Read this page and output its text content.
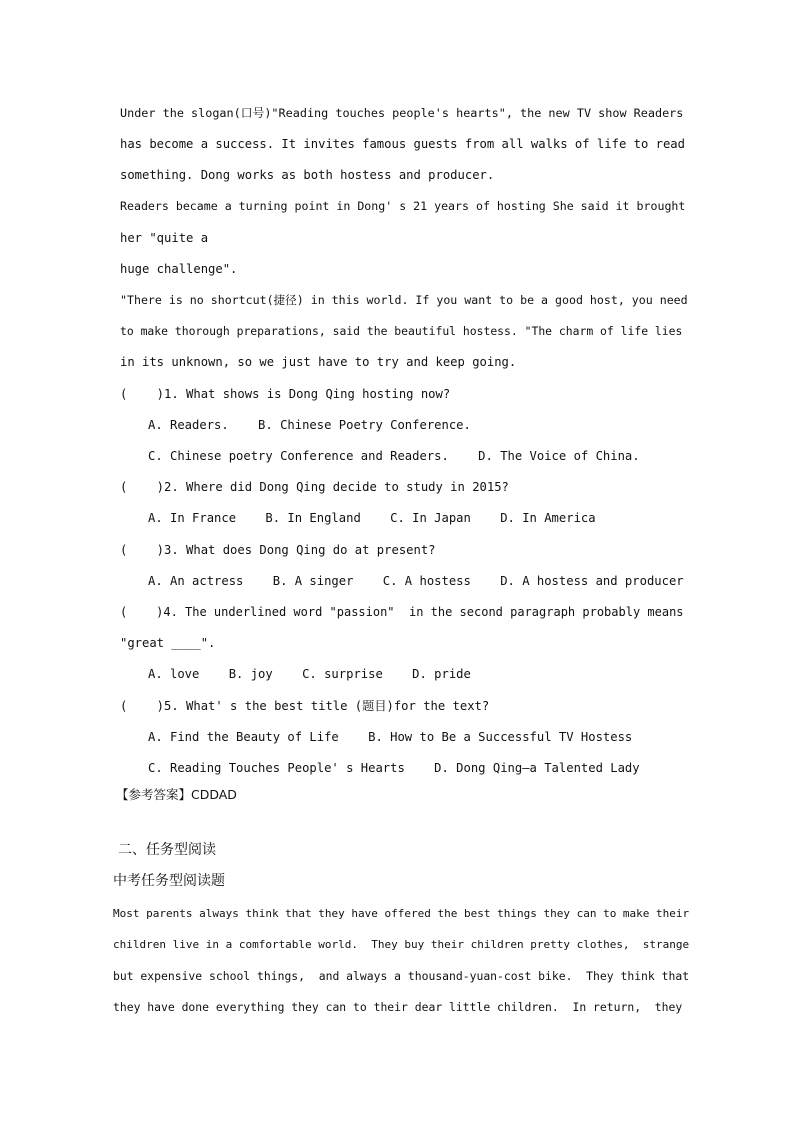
Under the slogan(口号)"Reading touches people's hearts", the new TV show Readers
has become a success. It invites famous guests from all walks of life to read
something. Dong works as both hostess and producer.
Readers became a turning point in Dong' s 21 years of hosting She said it brought
her "quite a
huge challenge".
"There is no shortcut(捷径) in this world. If you want to be a good host, you need
to make thorough preparations, said the beautiful hostess. "The charm of life lies
in its unknown, so we just have to try and keep going.
(    )1. What shows is Dong Qing hosting now?
A. Readers.    B. Chinese Poetry Conference.
C. Chinese poetry Conference and Readers.    D. The Voice of China.
(    )2. Where did Dong Qing decide to study in 2015?
A. In France    B. In England    C. In Japan    D. In America
(    )3. What does Dong Qing do at present?
A. An actress    B. A singer    C. A hostess    D. A hostess and producer
(    )4. The underlined word "passion"  in the second paragraph probably means
"great ____".
A. love    B. joy    C. surprise    D. pride
(    )5. What' s the best title (题目)for the text?
A. Find the Beauty of Life    B. How to Be a Successful TV Hostess
C. Reading Touches People' s Hearts    D. Dong Qing—a Talented Lady
【参考答案】CDDAD
二、任务型阅读
中考任务型阅读题
Most parents always think that they have offered the best things they can to make their
children live in a comfortable world.  They buy their children pretty clothes,  strange
but expensive school things,  and always a thousand-yuan-cost bike.  They think that
they have done everything they can to their dear little children.  In return,  they
